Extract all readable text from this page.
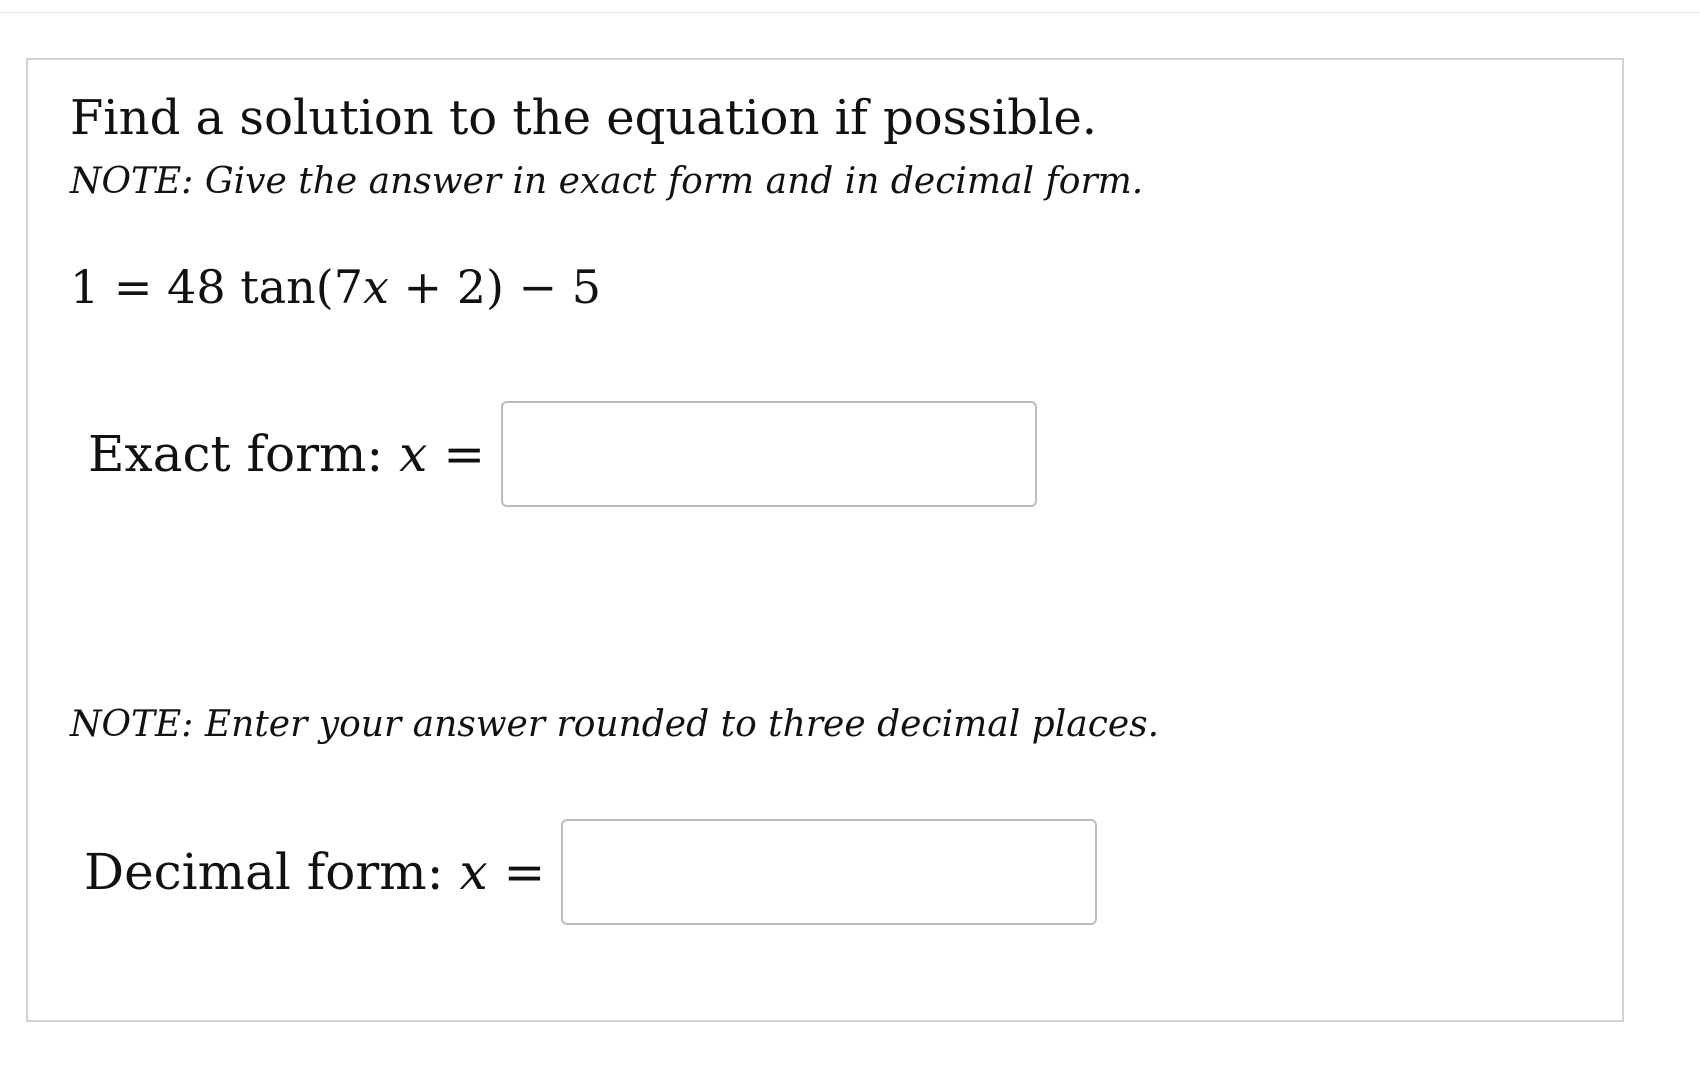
Find a solution to the equation if possible.
NOTE: Give the answer in exact form and in decimal form.
1 = 48 tan(7x + 2) − 5
Exact form: x =
NOTE: Enter your answer rounded to three decimal places.
Decimal form: x =
